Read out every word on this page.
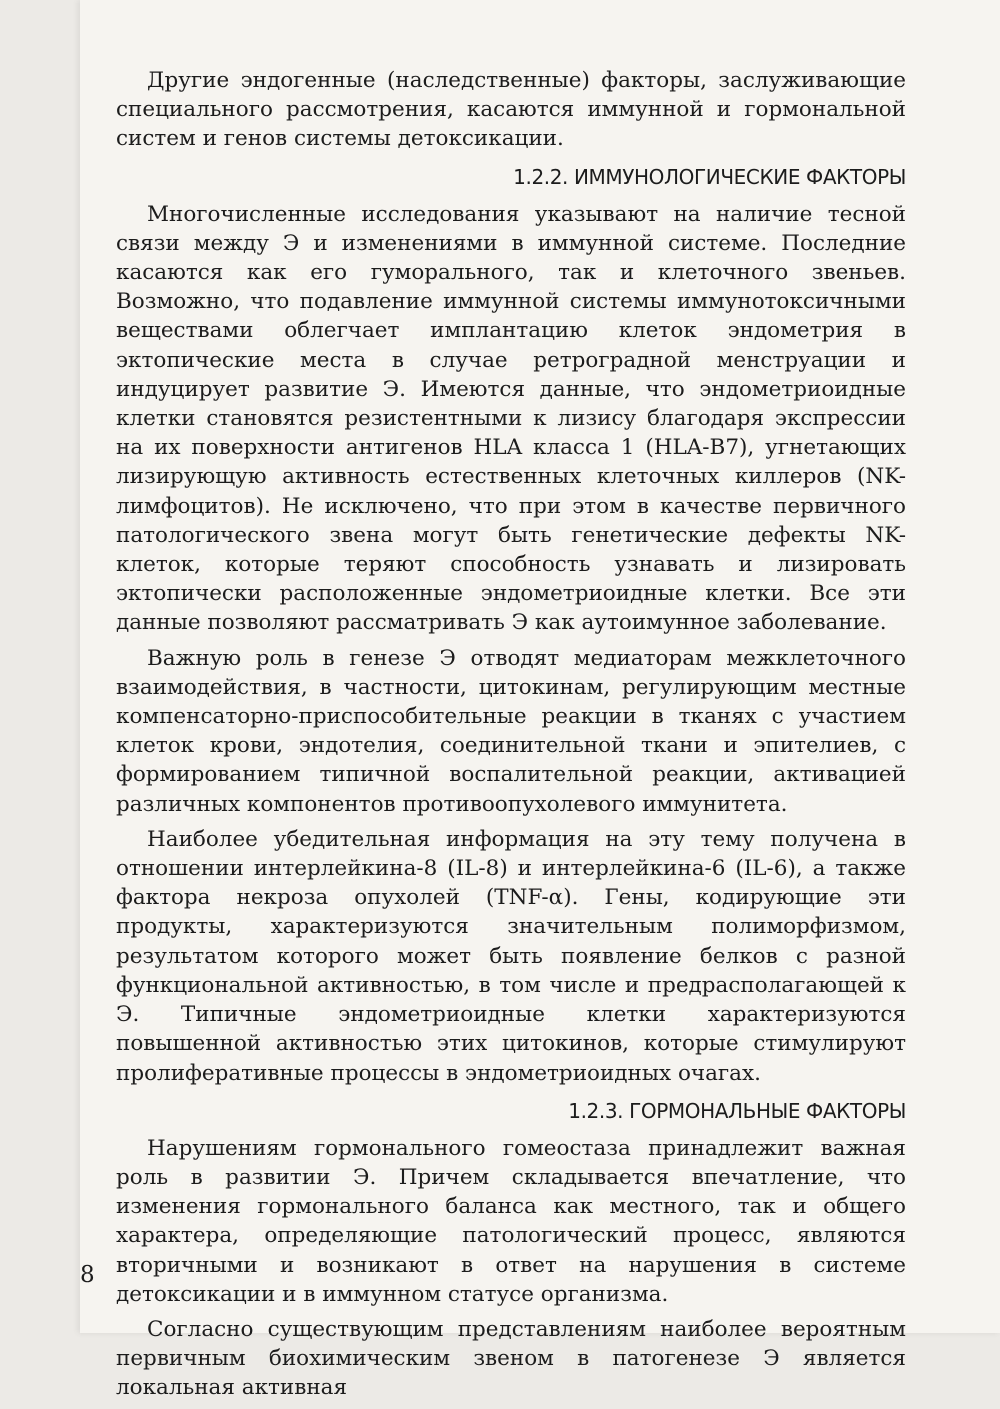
Другие эндогенные (наследственные) факторы, заслуживающие специального рассмотрения, касаются иммунной и гормональной систем и генов системы детоксикации.

1.2.2. ИММУНОЛОГИЧЕСКИЕ ФАКТОРЫ

Многочисленные исследования указывают на наличие тесной связи между Э и изменениями в иммунной системе. Последние касаются как его гуморального, так и клеточного звеньев. Возможно, что подавление иммунной системы иммунотоксичными веществами облегчает имплантацию клеток эндометрия в эктопические места в случае ретроградной менструации и индуцирует развитие Э. Имеются данные, что эндометриоидные клетки становятся резистентными к лизису благодаря экспрессии на их поверхности антигенов HLA класса 1 (HLA-B7), угнетающих лизирующую активность естественных клеточных киллеров (NK-лимфоцитов). Не исключено, что при этом в качестве первичного патологического звена могут быть генетические дефекты NK-клеток, которые теряют способность узнавать и лизировать эктопически расположенные эндометриоидные клетки. Все эти данные позволяют рассматривать Э как аутоимунное заболевание.

Важную роль в генезе Э отводят медиаторам межклеточного взаимодействия, в частности, цитокинам, регулирующим местные компенсаторно-приспособительные реакции в тканях с участием клеток крови, эндотелия, соединительной ткани и эпителиев, с формированием типичной воспалительной реакции, активацией различных компонентов противоопухолевого иммунитета.

Наиболее убедительная информация на эту тему получена в отношении интерлейкина-8 (IL-8) и интерлейкина-6 (IL-6), а также фактора некроза опухолей (TNF-α). Гены, кодирующие эти продукты, характеризуются значительным полиморфизмом, результатом которого может быть появление белков с разной функциональной активностью, в том числе и предрасполагающей к Э. Типичные эндометриоидные клетки характеризуются повышенной активностью этих цитокинов, которые стимулируют пролиферативные процессы в эндометриоидных очагах.

1.2.3. ГОРМОНАЛЬНЫЕ ФАКТОРЫ

Нарушениям гормонального гомеостаза принадлежит важная роль в развитии Э. Причем складывается впечатление, что изменения гормонального баланса как местного, так и общего характера, определяющие патологический процесс, являются вторичными и возникают в ответ на нарушения в системе детоксикации и в иммунном статусе организма.

Согласно существующим представлениям наиболее вероятным первичным биохимическим звеном в патогенезе Э является локальная активная

8
